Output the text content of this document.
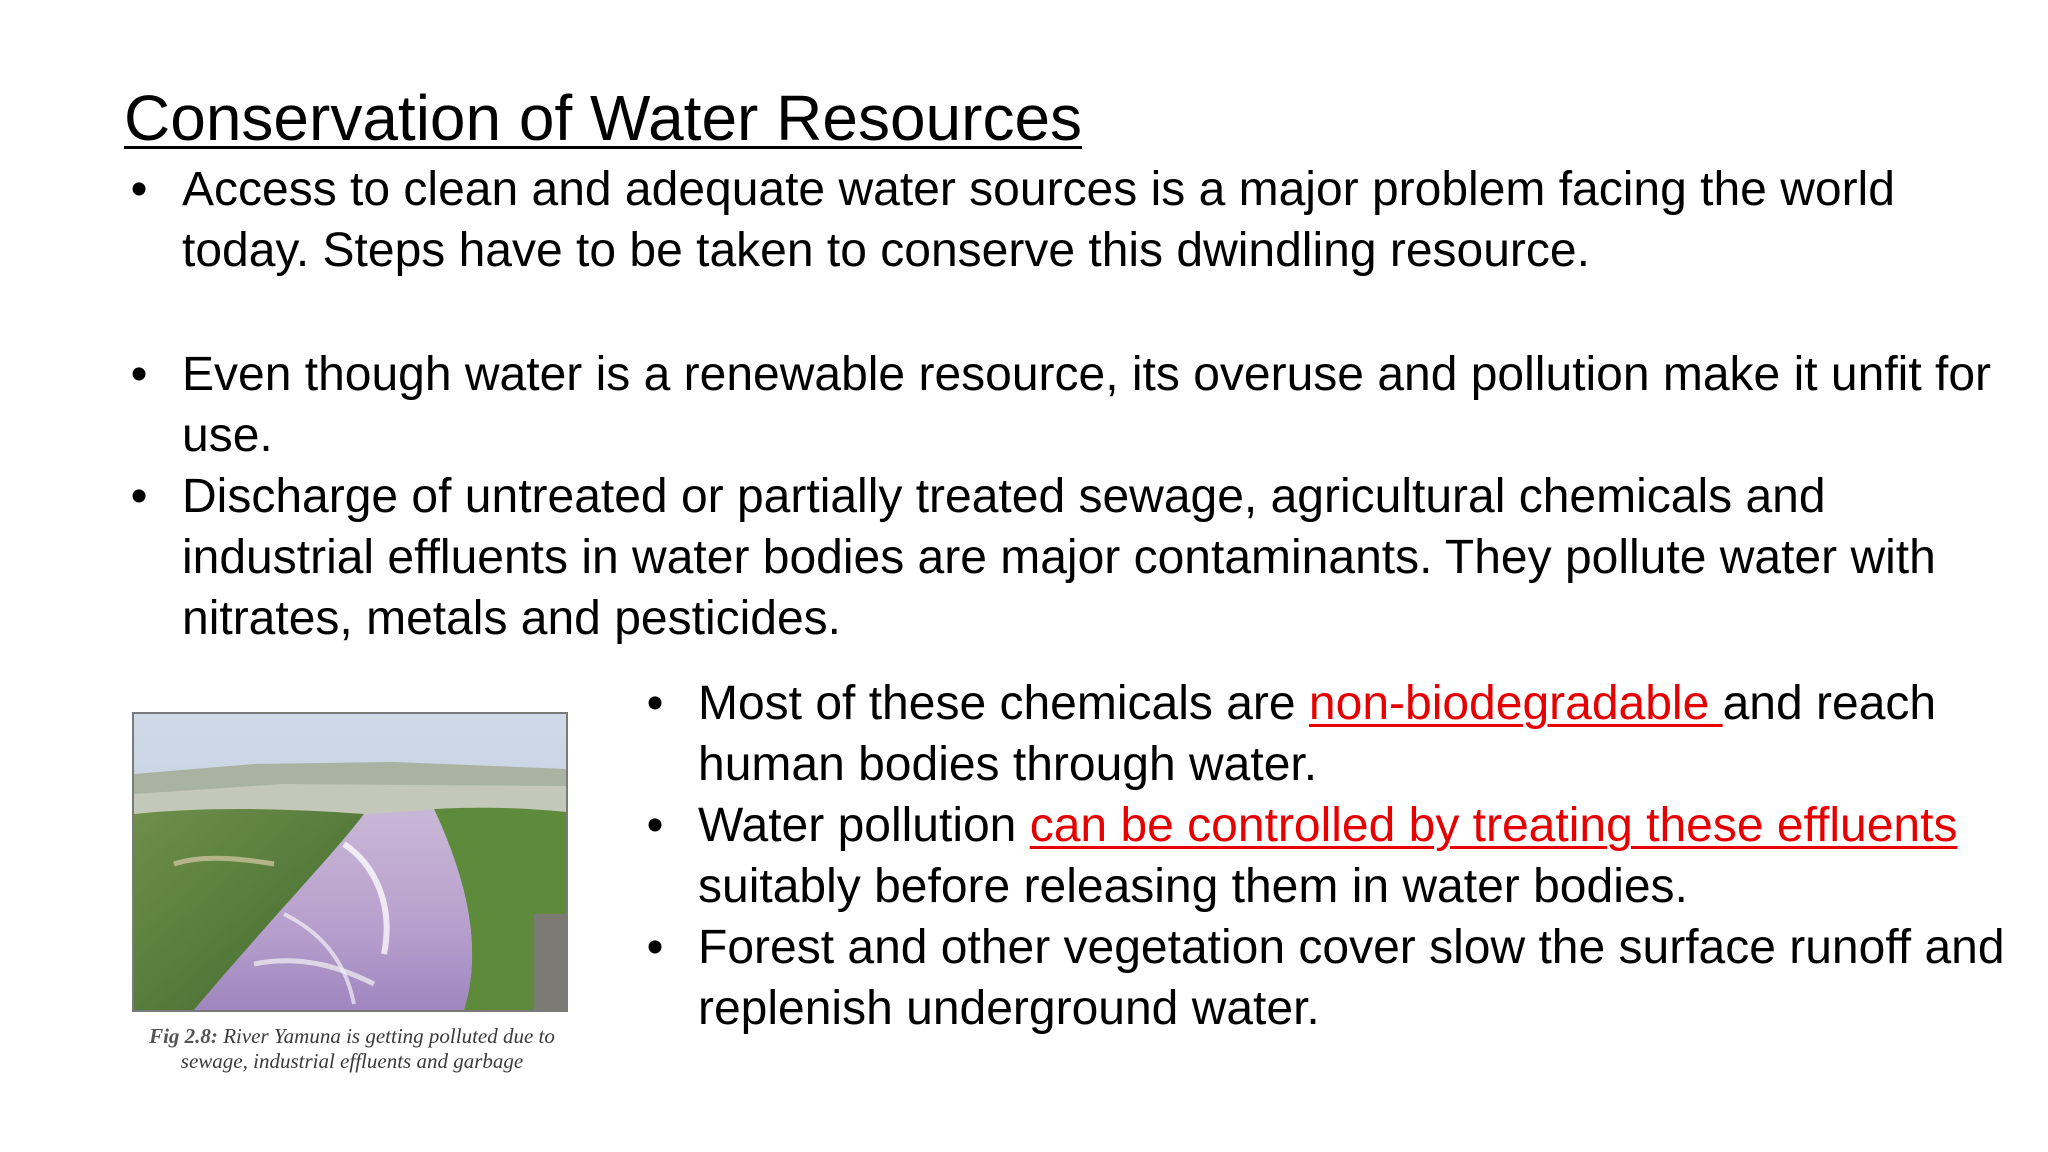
Conservation of Water Resources
• Access to clean and adequate water sources is a major problem facing the world today. Steps have to be taken to conserve this dwindling resource.
• Even though water is a renewable resource, its overuse and pollution make it unfit for use.
• Discharge of untreated or partially treated sewage, agricultural chemicals and industrial effluents in water bodies are major contaminants. They pollute water with nitrates, metals and pesticides.
Fig 2.8: River Yamuna is getting polluted due to sewage, industrial effluents and garbage
• Most of these chemicals are non-biodegradable and reach human bodies through water.
• Water pollution can be controlled by treating these effluents suitably before releasing them in water bodies.
• Forest and other vegetation cover slow the surface runoff and replenish underground water.
